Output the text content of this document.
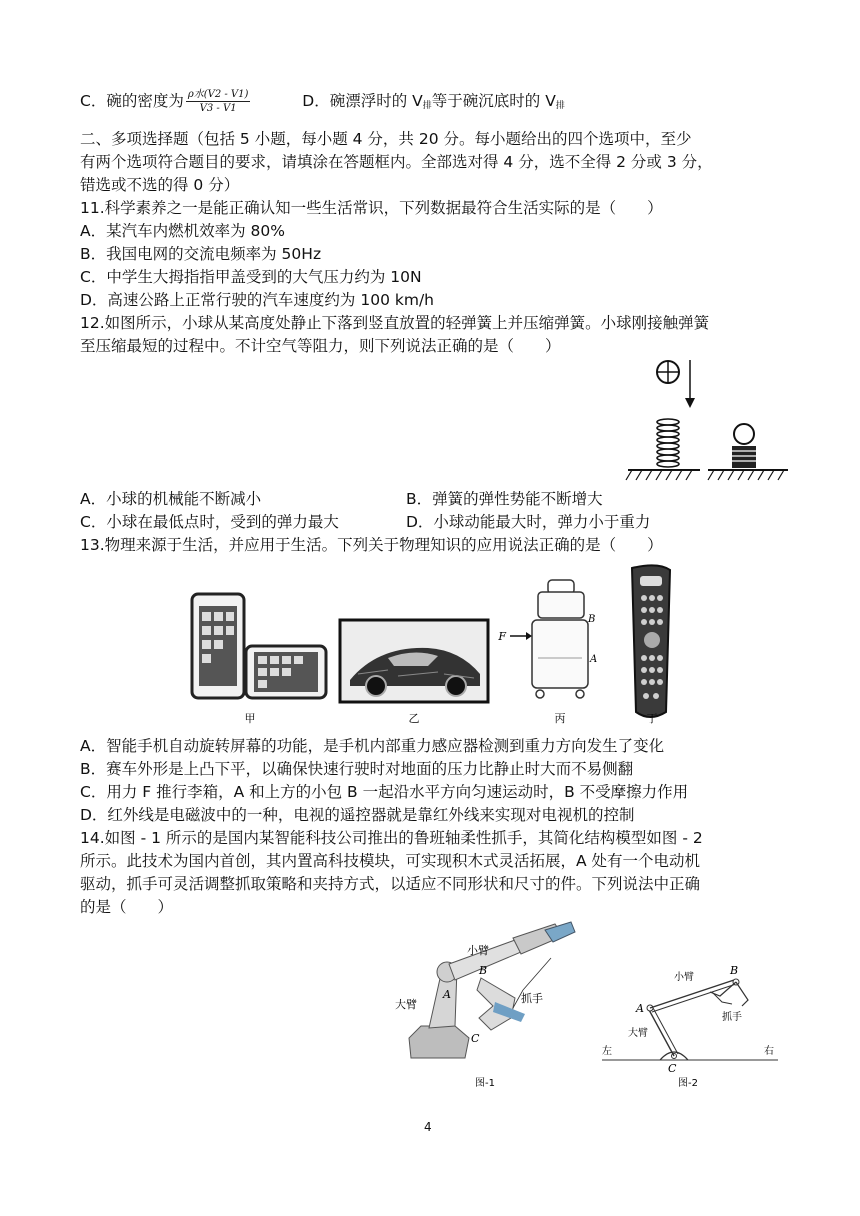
C．碗的密度为 $\frac{\text{ρ水(V2 - V1)}}{V3 - V1}$	D．碗漂浮时的 $V_排$等于碗沉底时的 $V_排$
二、多项选择题（包括 5 小题，每小题 4 分，共 20 分。每小题给出的四个选项中，至少
有两个选项符合题目的要求，请填涂在答题框内。全部选对得 4 分，选不全得 2 分或 3 分，
错选或不选的得 0 分）
11.科学素养之一是能正确认知一些生活常识，下列数据最符合生活实际的是（　　）
A．某汽车内燃机效率为 80%
B．我国电网的交流电频率为 50Hz
C．中学生大拇指指甲盖受到的大气压力约为 10N
D．高速公路上正常行驶的汽车速度约为 100 km/h
12.如图所示，小球从某高度处静止下落到竖直放置的轻弹簧上并压缩弹簧。小球刚接触弹簧
至压缩最短的过程中。不计空气等阻力，则下列说法正确的是（　　）
A．小球的机械能不断减小	B．弹簧的弹性势能不断增大
C．小球在最低点时，受到的弹力最大	D．小球动能最大时，弹力小于重力
13.物理来源于生活，并应用于生活。下列关于物理知识的应用说法正确的是（　　）
F
B
A
甲	乙	丙	丁
A．智能手机自动旋转屏幕的功能，是手机内部重力感应器检测到重力方向发生了变化
B．赛车外形是上凸下平，以确保快速行驶时对地面的压力比静止时大而不易侧翻
C．用力 F 推行李箱，A 和上方的小包 B 一起沿水平方向匀速运动时，B 不受摩擦力作用
D．红外线是电磁波中的一种，电视的遥控器就是靠红外线来实现对电视机的控制
14.如图 - 1 所示的是国内某智能科技公司推出的鲁班轴柔性抓手，其简化结构模型如图 - 2
所示。此技术为国内首创，其内置高科技模块，可实现积木式灵活拓展，A 处有一个电动机
驱动，抓手可灵活调整抓取策略和夹持方式，以适应不同形状和尺寸的件。下列说法中正确
的是（　　）
小臂
大臂	抓手
A
B
C
图-1
小臂
大臂
抓手
A
B
C
左	右
图-2
4
